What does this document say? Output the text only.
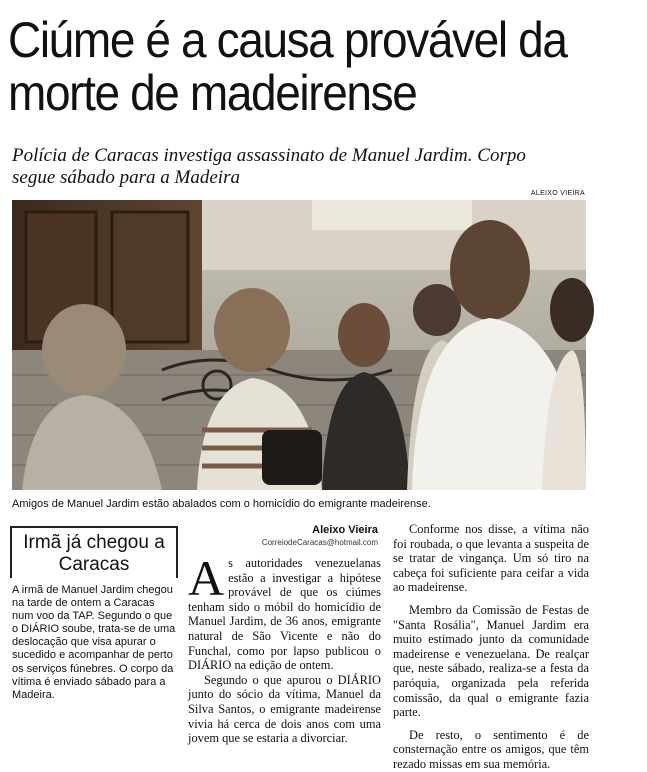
Ciúme é a causa provável da morte de madeirense
Polícia de Caracas investiga assassinato de Manuel Jardim. Corpo segue sábado para a Madeira
ALEIXO VIEIRA
Amigos de Manuel Jardim estão abalados com o homicídio do emigrante madeirense.
Irmã já chegou a Caracas
A irmã de Manuel Jardim chegou na tarde de ontem a Caracas num voo da TAP. Segundo o que o DIÁRIO soube, trata-se de uma deslocação que visa apurar o sucedido e acompanhar de perto os serviços fúnebres. O corpo da vítima é enviado sábado para a Madeira.
Aleixo Vieira
CorreiodeCaracas@hotmail.com

As autoridades venezuelanas estão a investigar a hipótese provável de que os ciúmes tenham sido o móbil do homicídio de Manuel Jardim, de 36 anos, emigrante natural de São Vicente e não do Funchal, como por lapso publicou o DIÁRIO na edição de ontem.

Segundo o que apurou o DIÁRIO junto do sócio da vítima, Manuel da Silva Santos, o emigrante madeirense vivia há cerca de dois anos com uma jovem que se estaria a divorciar.

Conforme nos disse, a vítima não foi roubada, o que levanta a suspeita de se tratar de vingança. Um só tiro na cabeça foi suficiente para ceifar a vida ao madeirense.

Membro da Comissão de Festas de "Santa Rosália", Manuel Jardim era muito estimado junto da comunidade madeirense e venezuelana. De realçar que, neste sábado, realiza-se a festa da paróquia, organizada pela referida comissão, da qual o emigrante fazia parte.

De resto, o sentimento é de consternação entre os amigos, que têm rezado missas em sua memória.
